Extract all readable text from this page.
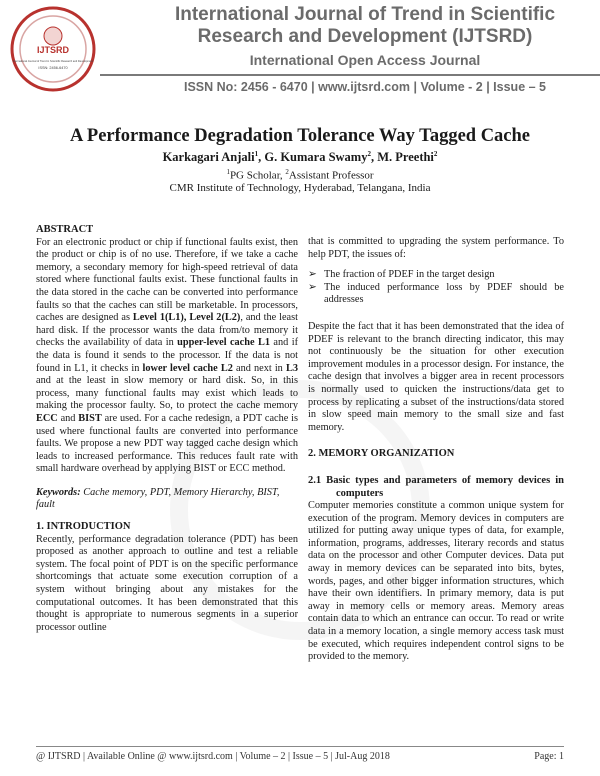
IJTSRD
International Journal of Trend in Scientific Research and Development
ISSN: 2456-6470
International Journal of Trend in Scientific
Research and Development (IJTSRD)
International Open Access Journal
ISSN No: 2456 - 6470 | www.ijtsrd.com | Volume - 2 | Issue – 5
A Performance Degradation Tolerance Way Tagged Cache
Karkagari Anjali$^1$, G. Kumara Swamy$^2$, M. Preethi$^2$
$^1$PG Scholar, $^2$Assistant Professor
CMR Institute of Technology, Hyderabad, Telangana, India

ABSTRACT

For an electronic product or chip if functional faults exist, then the product or chip is of no use. Therefore, if we take a cache memory, a secondary memory for high-speed retrieval of data stored where functional faults exist. These functional faults in the data stored in the cache can be converted into performance faults so that the caches can still be marketable. In processors, caches are designed as Level 1(L1), Level 2(L2), and the least hard disk. If the processor wants the data from/to memory it checks the availability of data in upper-level cache L1 and if the data is found it sends to the processor. If the data is not found in L1, it checks in lower level cache L2 and next in L3 and at the least in slow memory or hard disk. So, in this process, many functional faults may exist which leads to making the processor faulty. So, to protect the cache memory ECC and BIST are used. For a cache redesign, a PDT cache is used where functional faults are converted into performance faults. We propose a new PDT way tagged cache design which leads to increased performance. This reduces fault rate with small hardware overhead by applying BIST or ECC method.

Keywords: Cache memory, PDT, Memory Hierarchy, BIST, fault

1. INTRODUCTION

Recently, performance degradation tolerance (PDT) has been proposed as another approach to outline and test a reliable system. The focal point of PDT is on the specific performance shortcomings that actuate some execution corruption of a system without bringing about any mistakes for the computational outcomes. It has been demonstrated that this thought is appropriate to numerous segments in a superior processor outline

that is committed to upgrading the system performance. To help PDT, the issues of:

➢ The fraction of PDEF in the target design
➢ The induced performance loss by PDEF should be addresses

Despite the fact that it has been demonstrated that the idea of PDEF is relevant to the branch directing indicator, this may not continuously be the situation for other execution improvement modules in a processor design. For instance, the cache design that involves a bigger area in recent processors is normally used to quicken the instructions/data get to process by replicating a subset of the instructions/data stored in slow speed main memory to the small size and fast memory.

2. MEMORY ORGANIZATION

2.1 Basic types and parameters of memory devices in computers

Computer memories constitute a common unique system for execution of the program. Memory devices in computers are utilized for putting away unique types of data, for example, information, programs, addresses, literary records and status data on the processor and other Computer devices. Data put away in memory devices can be separated into bits, bytes, words, pages, and other bigger information structures, which have their own identifiers. In primary memory, data is put away in memory cells or memory areas. Memory areas contain data to which an entrance can occur. To read or write data in a memory location, a single memory access task must be executed, which requires independent control signs to be provided to the memory.

@ IJTSRD | Available Online @ www.ijtsrd.com | Volume – 2 | Issue – 5 | Jul-Aug 2018	Page: 1
